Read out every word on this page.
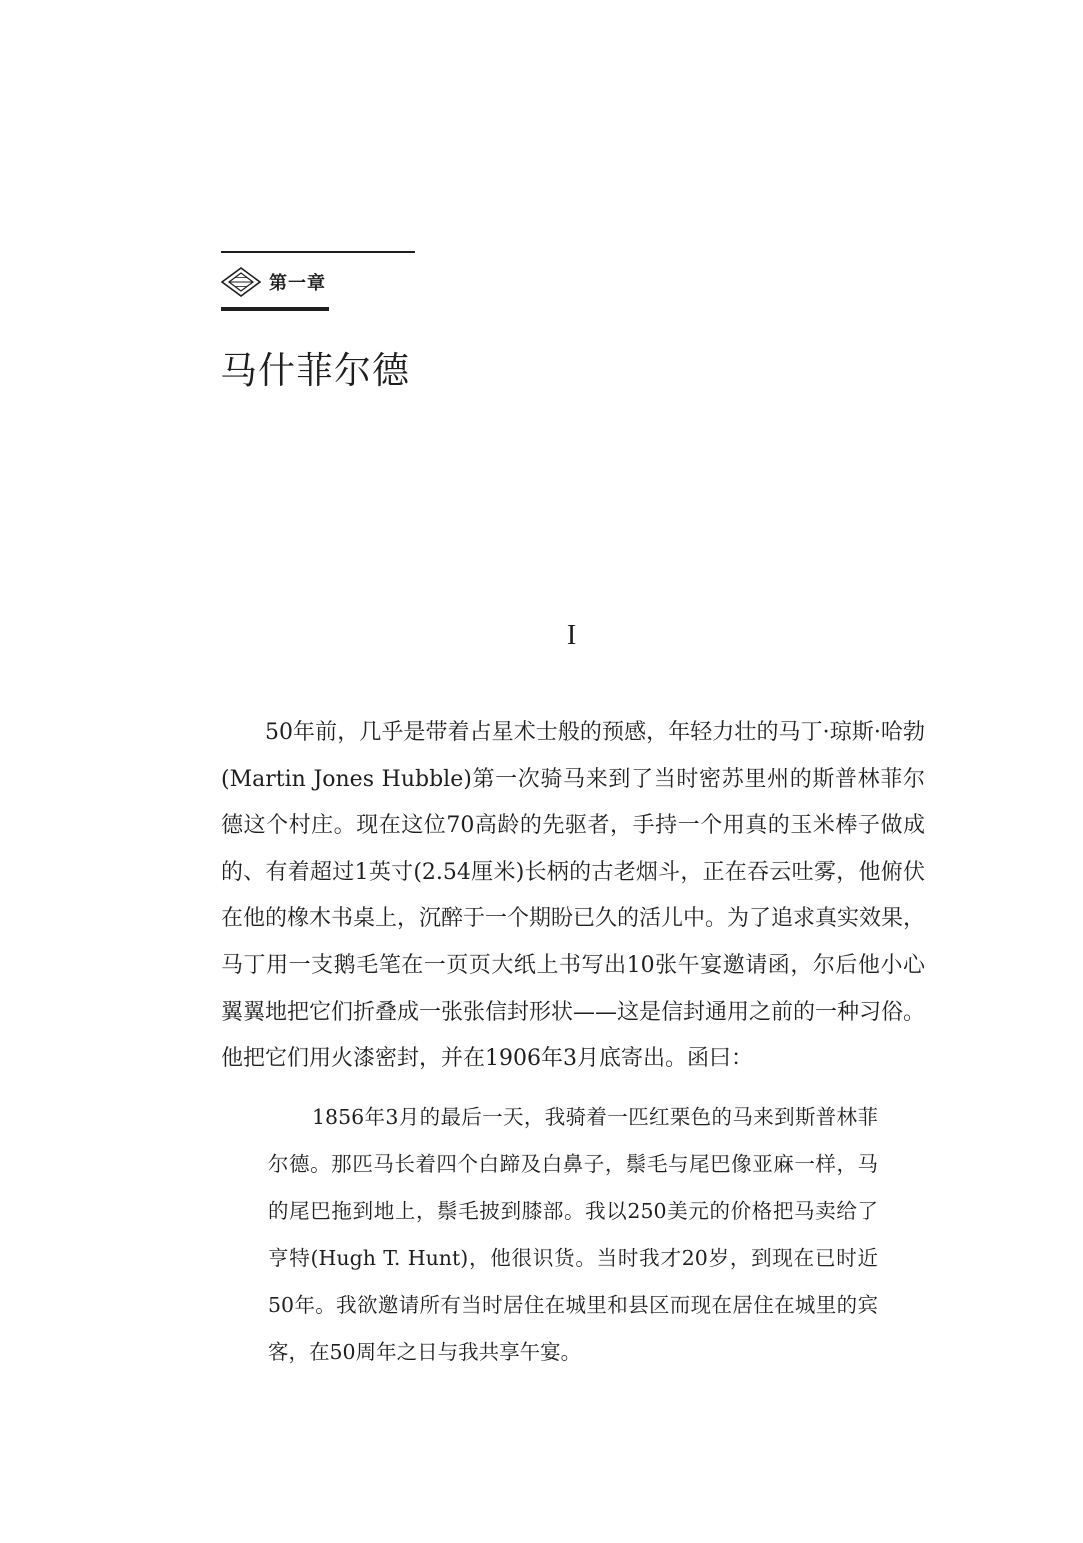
第一章
马什菲尔德
I

50年前，几乎是带着占星术士般的预感，年轻力壮的马丁·琼斯·哈勃(Martin Jones Hubble)第一次骑马来到了当时密苏里州的斯普林菲尔德这个村庄。现在这位70高龄的先驱者，手持一个用真的玉米棒子做成的、有着超过1英寸(2.54厘米)长柄的古老烟斗，正在吞云吐雾，他俯伏在他的橡木书桌上，沉醉于一个期盼已久的活儿中。为了追求真实效果，马丁用一支鹅毛笔在一页页大纸上书写出10张午宴邀请函，尔后他小心翼翼地把它们折叠成一张张信封形状——这是信封通用之前的一种习俗。他把它们用火漆密封，并在1906年3月底寄出。函曰：

1856年3月的最后一天，我骑着一匹红栗色的马来到斯普林菲尔德。那匹马长着四个白蹄及白鼻子，鬃毛与尾巴像亚麻一样，马的尾巴拖到地上，鬃毛披到膝部。我以250美元的价格把马卖给了亨特(Hugh T. Hunt)，他很识货。当时我才20岁，到现在已时近50年。我欲邀请所有当时居住在城里和县区而现在居住在城里的宾客，在50周年之日与我共享午宴。
